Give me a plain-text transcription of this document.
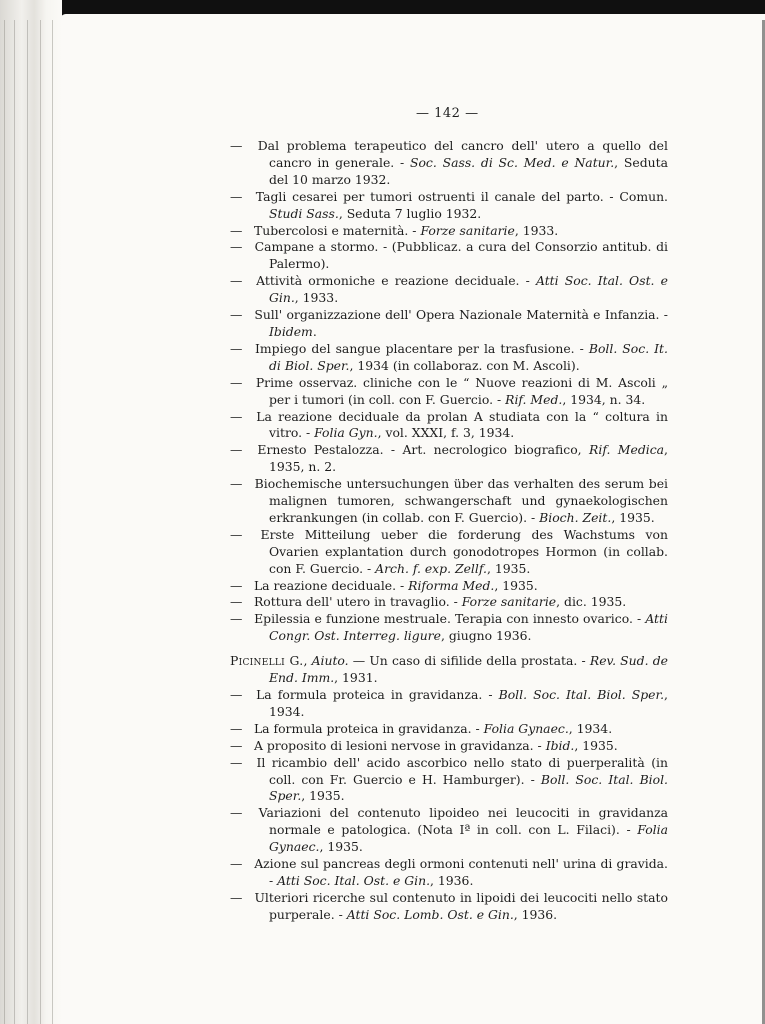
— 142 —
— Dal problema terapeutico del cancro dell' utero a quello del cancro in generale. - Soc. Sass. di Sc. Med. e Natur., Seduta del 10 marzo 1932.
— Tagli cesarei per tumori ostruenti il canale del parto. - Comun. Studi Sass., Seduta 7 luglio 1932.
— Tubercolosi e maternità. - Forze sanitarie, 1933.
— Campane a stormo. - (Pubblicaz. a cura del Consorzio antitub. di Palermo).
— Attività ormoniche e reazione deciduale. - Atti Soc. Ital. Ost. e Gin., 1933.
— Sull' organizzazione dell' Opera Nazionale Maternità e Infanzia. - Ibidem.
— Impiego del sangue placentare per la trasfusione. - Boll. Soc. It. di Biol. Sper., 1934 (in collaboraz. con M. Ascoli).
— Prime osservaz. cliniche con le “ Nuove reazioni di M. Ascoli „ per i tumori (in coll. con F. Guercio. - Rif. Med., 1934, n. 34.
— La reazione deciduale da prolan A studiata con la “ coltura in vitro. - Folia Gyn., vol. XXXI, f. 3, 1934.
— Ernesto Pestalozza. - Art. necrologico biografico, Rif. Medica, 1935, n. 2.
— Biochemische untersuchungen über das verhalten des serum bei malignen tumoren, schwangerschaft und gynaekologischen erkrankungen (in collab. con F. Guercio). - Bioch. Zeit., 1935.
— Erste Mitteilung ueber die forderung des Wachstums von Ovarien explantation durch gonodotropes Hormon (in collab. con F. Guercio. - Arch. f. exp. Zellf., 1935.
— La reazione deciduale. - Riforma Med., 1935.
— Rottura dell' utero in travaglio. - Forze sanitarie, dic. 1935.
— Epilessia e funzione mestruale. Terapia con innesto ovarico. - Atti Congr. Ost. Interreg. ligure, giugno 1936.
Picinelli G., Aiuto. — Un caso di sifilide della prostata. - Rev. Sud. de End. Imm., 1931.
— La formula proteica in gravidanza. - Boll. Soc. Ital. Biol. Sper., 1934.
— La formula proteica in gravidanza. - Folia Gynaec., 1934.
— A proposito di lesioni nervose in gravidanza. - Ibid., 1935.
— Il ricambio dell' acido ascorbico nello stato di puerperalità (in coll. con Fr. Guercio e H. Hamburger). - Boll. Soc. Ital. Biol. Sper., 1935.
— Variazioni del contenuto lipoideo nei leucociti in gravidanza normale e patologica. (Nota Iª in coll. con L. Filaci). - Folia Gynaec., 1935.
— Azione sul pancreas degli ormoni contenuti nell' urina di gravida. - Atti Soc. Ital. Ost. e Gin., 1936.
— Ulteriori ricerche sul contenuto in lipoidi dei leucociti nello stato purperale. - Atti Soc. Lomb. Ost. e Gin., 1936.
